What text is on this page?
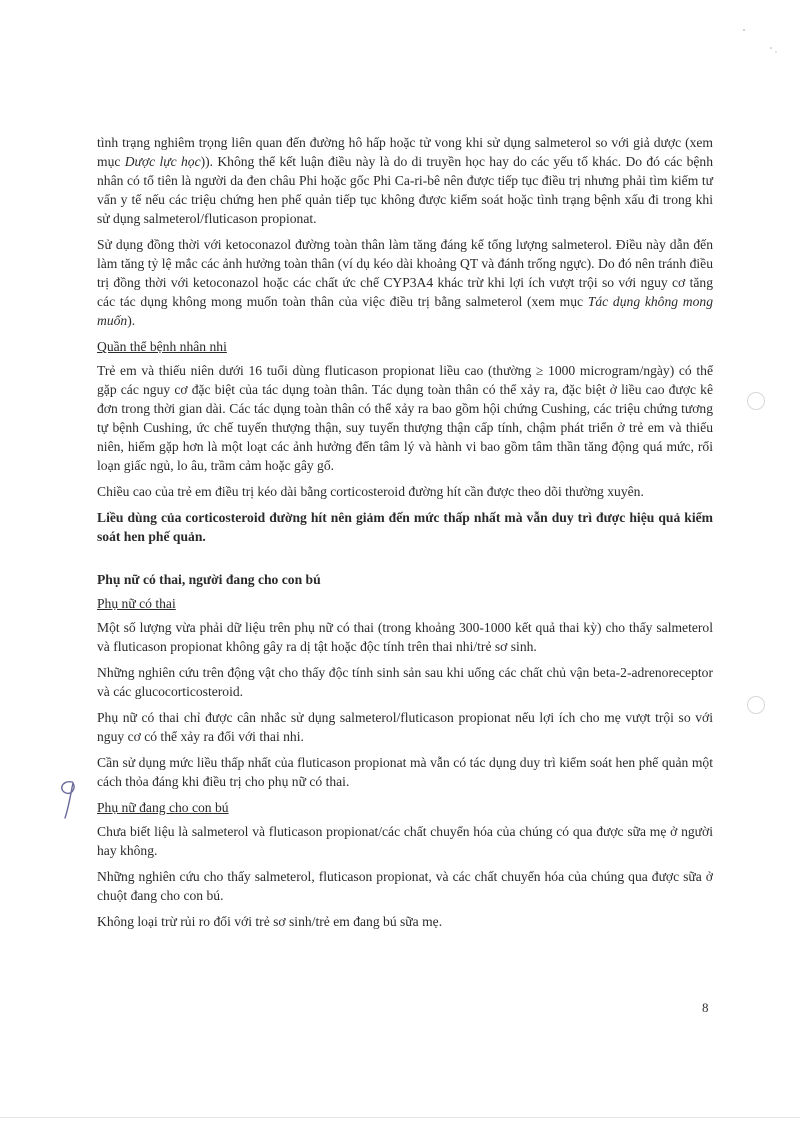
tình trạng nghiêm trọng liên quan đến đường hô hấp hoặc tử vong khi sử dụng salmeterol so với giả dược (xem mục Dược lực học)). Không thể kết luận điều này là do di truyền học hay do các yếu tố khác. Do đó các bệnh nhân có tổ tiên là người da đen châu Phi hoặc gốc Phi Ca-ri-bê nên được tiếp tục điều trị nhưng phải tìm kiếm tư vấn y tế nếu các triệu chứng hen phế quản tiếp tục không được kiểm soát hoặc tình trạng bệnh xấu đi trong khi sử dụng salmeterol/fluticason propionat.

Sử dụng đồng thời với ketoconazol đường toàn thân làm tăng đáng kể tổng lượng salmeterol. Điều này dẫn đến làm tăng tỷ lệ mắc các ảnh hưởng toàn thân (ví dụ kéo dài khoảng QT và đánh trống ngực). Do đó nên tránh điều trị đồng thời với ketoconazol hoặc các chất ức chế CYP3A4 khác trừ khi lợi ích vượt trội so với nguy cơ tăng các tác dụng không mong muốn toàn thân của việc điều trị bằng salmeterol (xem mục Tác dụng không mong muốn).

Quần thể bệnh nhân nhi

Trẻ em và thiếu niên dưới 16 tuổi dùng fluticason propionat liều cao (thường ≥ 1000 microgram/ngày) có thể gặp các nguy cơ đặc biệt của tác dụng toàn thân. Tác dụng toàn thân có thể xảy ra, đặc biệt ở liều cao được kê đơn trong thời gian dài. Các tác dụng toàn thân có thể xảy ra bao gồm hội chứng Cushing, các triệu chứng tương tự bệnh Cushing, ức chế tuyến thượng thận, suy tuyến thượng thận cấp tính, chậm phát triển ở trẻ em và thiếu niên, hiếm gặp hơn là một loạt các ảnh hưởng đến tâm lý và hành vi bao gồm tâm thần tăng động quá mức, rối loạn giấc ngủ, lo âu, trầm cảm hoặc gây gổ.

Chiều cao của trẻ em điều trị kéo dài bằng corticosteroid đường hít cần được theo dõi thường xuyên.

Liều dùng của corticosteroid đường hít nên giảm đến mức thấp nhất mà vẫn duy trì được hiệu quả kiểm soát hen phế quản.

Phụ nữ có thai, người đang cho con bú

Phụ nữ có thai

Một số lượng vừa phải dữ liệu trên phụ nữ có thai (trong khoảng 300-1000 kết quả thai kỳ) cho thấy salmeterol và fluticason propionat không gây ra dị tật hoặc độc tính trên thai nhi/trẻ sơ sinh.

Những nghiên cứu trên động vật cho thấy độc tính sinh sản sau khi uống các chất chủ vận beta-2-adrenoreceptor và các glucocorticosteroid.

Phụ nữ có thai chỉ được cân nhắc sử dụng salmeterol/fluticason propionat nếu lợi ích cho mẹ vượt trội so với nguy cơ có thể xảy ra đối với thai nhi.

Cần sử dụng mức liều thấp nhất của fluticason propionat mà vẫn có tác dụng duy trì kiểm soát hen phế quản một cách thỏa đáng khi điều trị cho phụ nữ có thai.

Phụ nữ đang cho con bú

Chưa biết liệu là salmeterol và fluticason propionat/các chất chuyển hóa của chúng có qua được sữa mẹ ở người hay không.

Những nghiên cứu cho thấy salmeterol, fluticason propionat, và các chất chuyển hóa của chúng qua được sữa ở chuột đang cho con bú.

Không loại trừ rủi ro đối với trẻ sơ sinh/trẻ em đang bú sữa mẹ.

8
